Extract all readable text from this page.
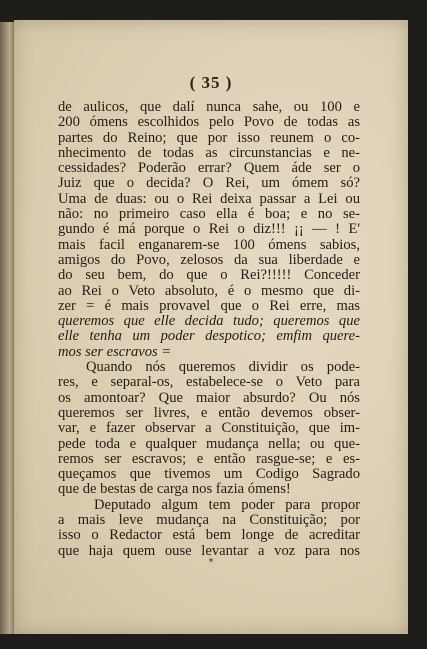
( 35 )
de aulicos, que dalí nunca sahe, ou 100 e
200 ómens escolhidos pelo Povo de todas as
partes do Reino; que por isso reunem o co-
nhecimento de todas as circunstancias e ne-
cessidades? Poderão errar? Quem áde ser o
Juiz que o decida? O Rei, um ómem só?
Uma de duas: ou o Rei deixa passar a Lei ou
não: no primeiro caso ella é boa; e no se-
gundo é má porque o Rei o diz!!! ¡¡ — ! E'
mais facil enganarem-se 100 ómens sabios,
amigos do Povo, zelosos da sua liberdade e
do seu bem, do que o Rei?!!!!! Conceder
ao Rei o Veto absoluto, é o mesmo que di-
zer = é mais provavel que o Rei erre, mas
queremos que elle decida tudo; queremos que
elle tenha um poder despotico; emfim quere-
mos ser escravos =
Quando nós queremos dividir os pode-
res, e separal-os, estabelece-se o Veto para
os amontoar? Que maior absurdo? Ou nós
queremos ser livres, e então devemos obser-
var, e fazer observar a Constituição, que im-
pede toda e qualquer mudança nella; ou que-
remos ser escravos; e então rasgue-se; e es-
queçamos que tivemos um Codigo Sagrado
que de bestas de carga nos fazia ómens!
Deputado algum tem poder para propor
a mais leve mudança na Constituição; por
isso o Redactor está bem longe de acreditar
que haja quem ouse levantar a voz para nos
*
